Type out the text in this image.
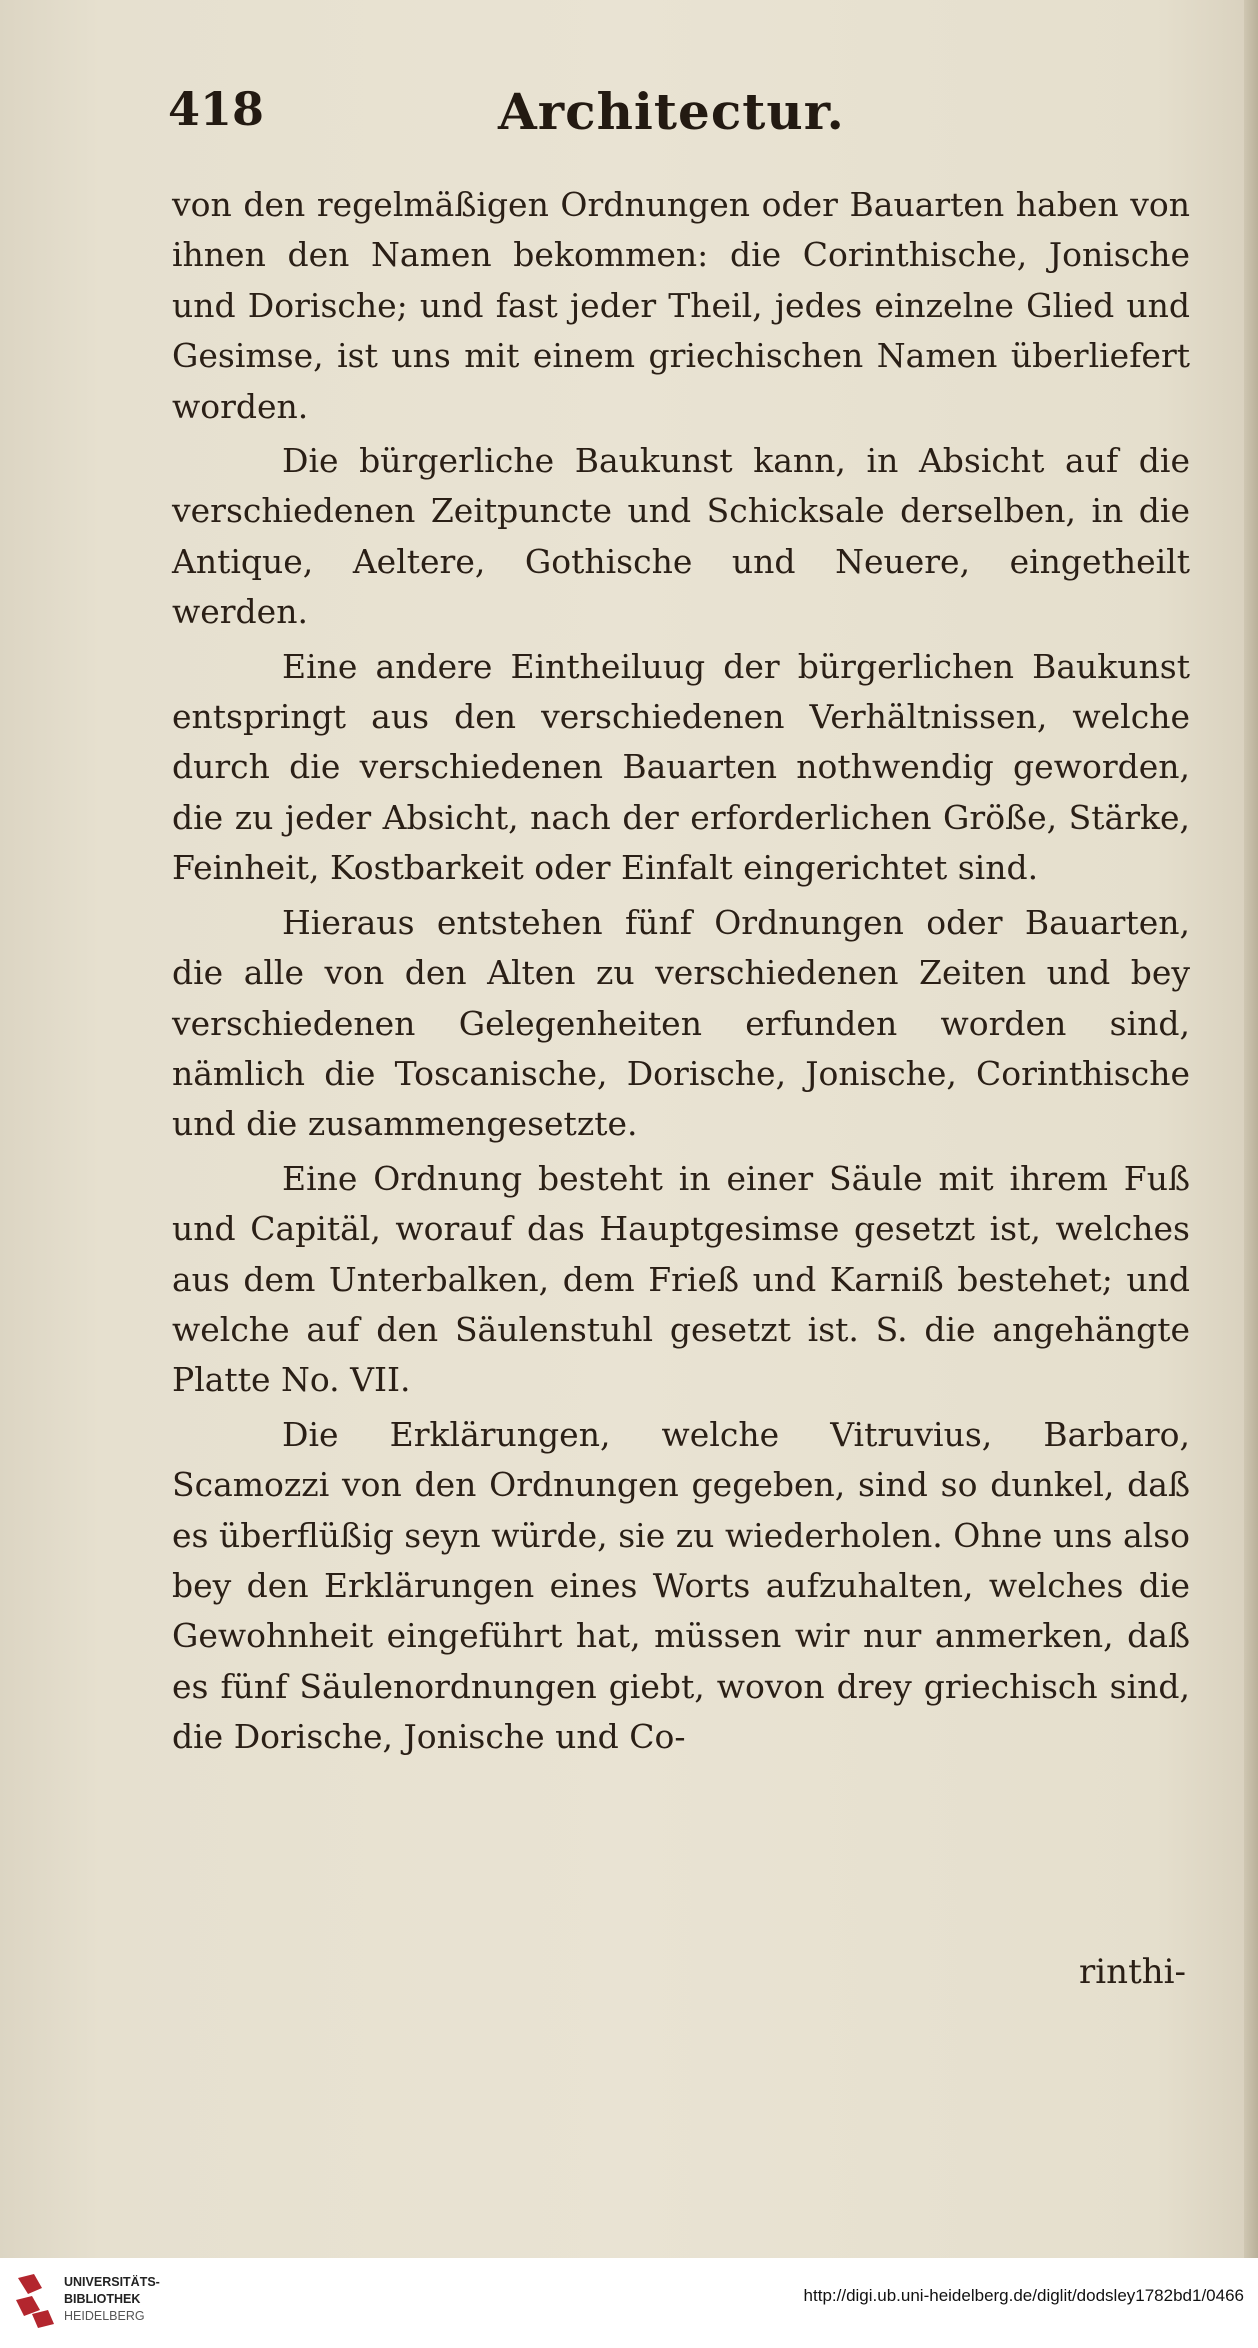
418	Architectur.

von den regelmäßigen Ordnungen oder Bauarten haben von ihnen den Namen bekommen: die Corinthische, Jonische und Dorische; und fast jeder Theil, jedes einzelne Glied und Gesimse, ist uns mit einem griechischen Namen überliefert worden.

Die bürgerliche Baukunst kann, in Absicht auf die verschiedenen Zeitpuncte und Schicksale derselben, in die Antique, Aeltere, Gothische und Neuere, eingetheilt werden.

Eine andere Eintheiluug der bürgerlichen Baukunst entspringt aus den verschiedenen Verhältnissen, welche durch die verschiedenen Bauarten nothwendig geworden, die zu jeder Absicht, nach der erforderlichen Größe, Stärke, Feinheit, Kostbarkeit oder Einfalt eingerichtet sind.

Hieraus entstehen fünf Ordnungen oder Bauarten, die alle von den Alten zu verschiedenen Zeiten und bey verschiedenen Gelegenheiten erfunden worden sind, nämlich die Toscanische, Dorische, Jonische, Corinthische und die zusammengesetzte.

Eine Ordnung besteht in einer Säule mit ihrem Fuß und Capitäl, worauf das Hauptgesimse gesetzt ist, welches aus dem Unterbalken, dem Frieß und Karniß bestehet; und welche auf den Säulenstuhl gesetzt ist. S. die angehängte Platte No. VII.

Die Erklärungen, welche Vitruvius, Barbaro, Scamozzi von den Ordnungen gegeben, sind so dunkel, daß es überflüßig seyn würde, sie zu wiederholen. Ohne uns also bey den Erklärungen eines Worts aufzuhalten, welches die Gewohnheit eingeführt hat, müssen wir nur anmerken, daß es fünf Säulenordnungen giebt, wovon drey griechisch sind, die Dorische, Jonische und Co-

rinthi-
UNIVERSITÄTS-
BIBLIOTHEK
HEIDELBERG
http://digi.ub.uni-heidelberg.de/diglit/dodsley1782bd1/0466
